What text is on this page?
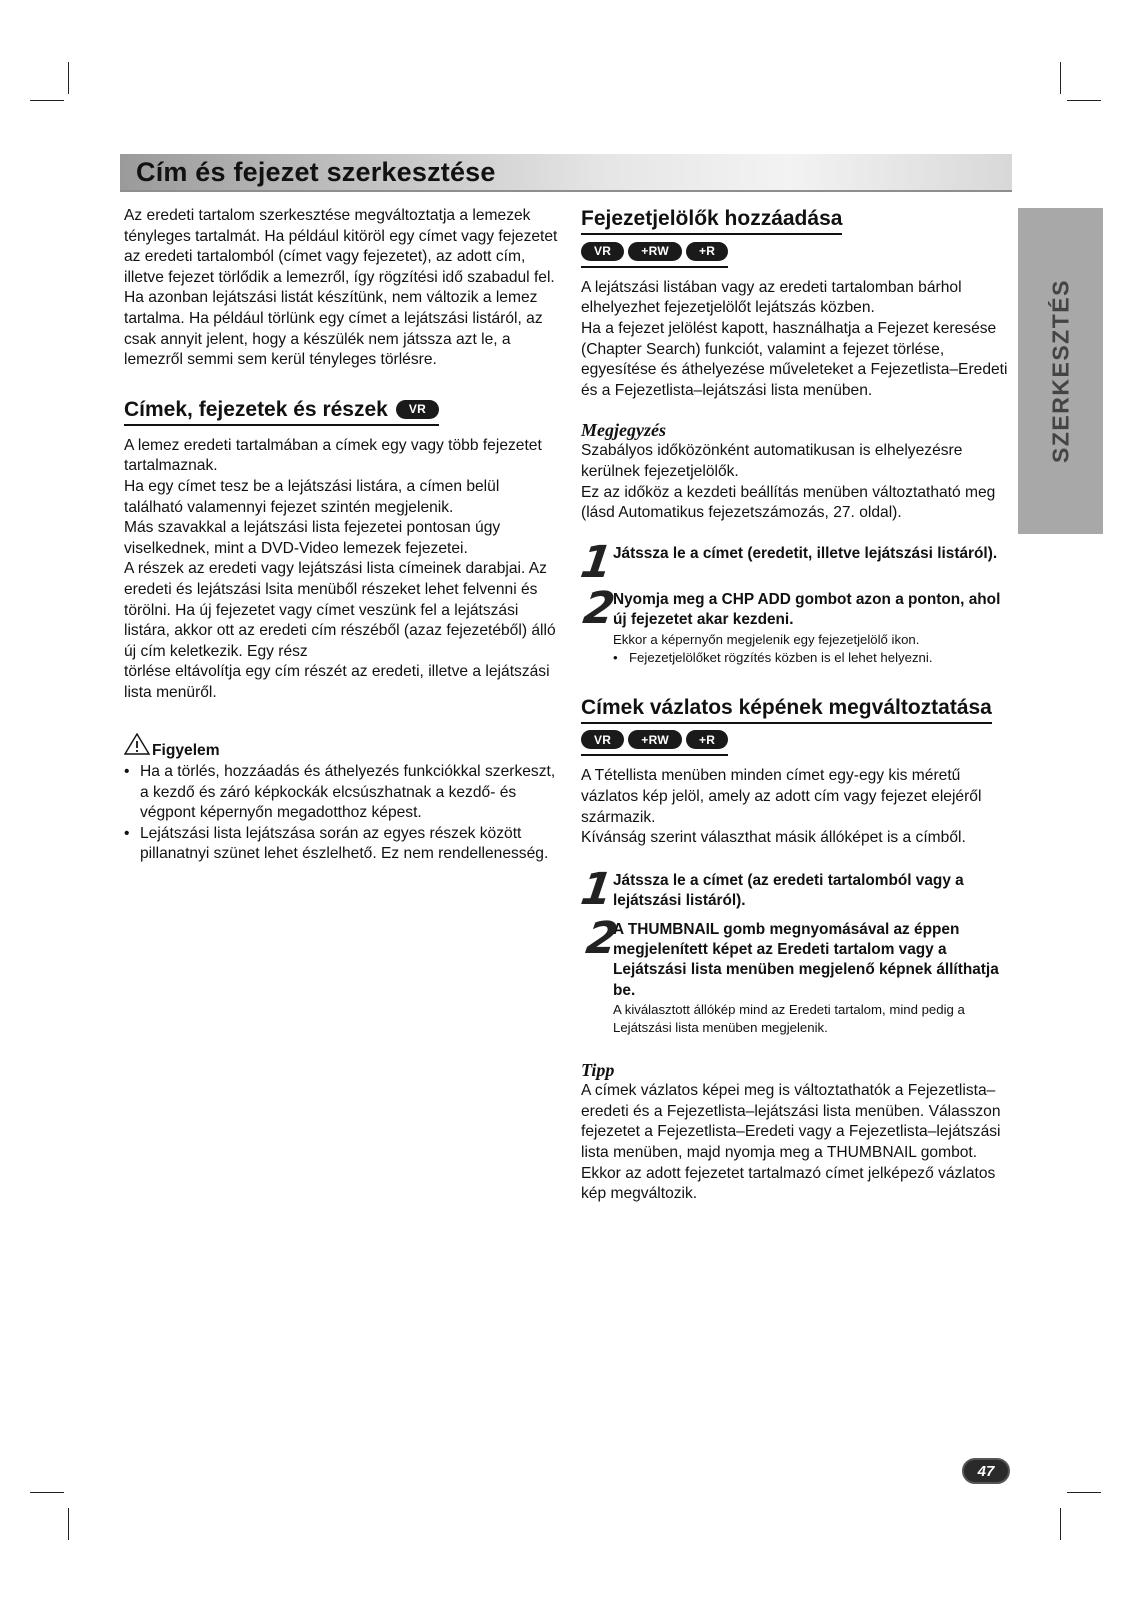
Cím és fejezet szerkesztése
SZERKESZTÉS

Az eredeti tartalom szerkesztése megváltoztatja a lemezek tényleges tartalmát. Ha például kitöröl egy címet vagy fejezetet az eredeti tartalomból (címet vagy fejezetet), az adott cím, illetve fejezet törlődik a lemezről, így rögzítési idő szabadul fel.

Ha azonban lejátszási listát készítünk, nem változik a lemez tartalma. Ha például törlünk egy címet a lejátszási listáról, az csak annyit jelent, hogy a készülék nem játssza azt le, a lemezről semmi sem kerül tényleges törlésre.

Címek, fejezetek és részek	VR

A lemez eredeti tartalmában a címek egy vagy több fejezetet tartalmaznak.

Ha egy címet tesz be a lejátszási listára, a címen belül található valamennyi fejezet szintén megjelenik.

Más szavakkal a lejátszási lista fejezetei pontosan úgy viselkednek, mint a DVD-Video lemezek fejezetei.

A részek az eredeti vagy lejátszási lista címeinek darabjai. Az eredeti és lejátszási lsita menüből részeket lehet felvenni és törölni. Ha új fejezetet vagy címet veszünk fel a lejátszási listára, akkor ott az eredeti cím részéből (azaz fejezetéből) álló új cím keletkezik. Egy rész

törlése eltávolítja egy cím részét az eredeti, illetve a lejátszási lista menüről.

Figyelem
• Ha a törlés, hozzáadás és áthelyezés funkciókkal szerkeszt, a kezdő és záró képkockák elcsúszhatnak a kezdő- és végpont képernyőn megadotthoz képest.
• Lejátszási lista lejátszása során az egyes részek között pillanatnyi szünet lehet észlelhető. Ez nem rendellenesség.
Fejezetjelölők hozzáadása
VR	+RW	+R

A lejátszási listában vagy az eredeti tartalomban bárhol elhelyezhet fejezetjelölőt lejátszás közben.

Ha a fejezet jelölést kapott, használhatja a Fejezet keresése (Chapter Search) funkciót, valamint a fejezet törlése, egyesítése és áthelyezése műveleteket a Fejezetlista–Eredeti és a Fejezetlista–lejátszási lista menüben.

Megjegyzés

Szabályos időközönként automatikusan is elhelyezésre kerülnek fejezetjelölők.

Ez az időköz a kezdeti beállítás menüben változtatható meg (lásd Automatikus fejezetszámozás, 27. oldal).

1
Játssza le a címet (eredetit, illetve lejátszási listáról).
2
Nyomja meg a CHP ADD gombot azon a ponton, ahol új fejezetet akar kezdeni.
Ekkor a képernyőn megjelenik egy fejezetjelölő ikon.
• Fejezetjelölőket rögzítés közben is el lehet helyezni.
Címek vázlatos képének megváltoztatása
VR	+RW	+R

A Tétellista menüben minden címet egy-egy kis méretű vázlatos kép jelöl, amely az adott cím vagy fejezet elejéről származik.

Kívánság szerint választhat másik állóképet is a címből.

1
Játssza le a címet (az eredeti tartalomból vagy a lejátszási listáról).
2
A THUMBNAIL gomb megnyomásával az éppen megjelenített képet az Eredeti tartalom vagy a Lejátszási lista menüben megjelenő képnek állíthatja be.
A kiválasztott állókép mind az Eredeti tartalom, mind pedig a Lejátszási lista menüben megjelenik.
Tipp

A címek vázlatos képei meg is változtathatók a Fejezetlista–eredeti és a Fejezetlista–lejátszási lista menüben. Válasszon fejezetet a Fejezetlista–Eredeti vagy a Fejezetlista–lejátszási lista menüben, majd nyomja meg a THUMBNAIL gombot. Ekkor az adott fejezetet tartalmazó címet jelképező vázlatos kép megváltozik.

47
